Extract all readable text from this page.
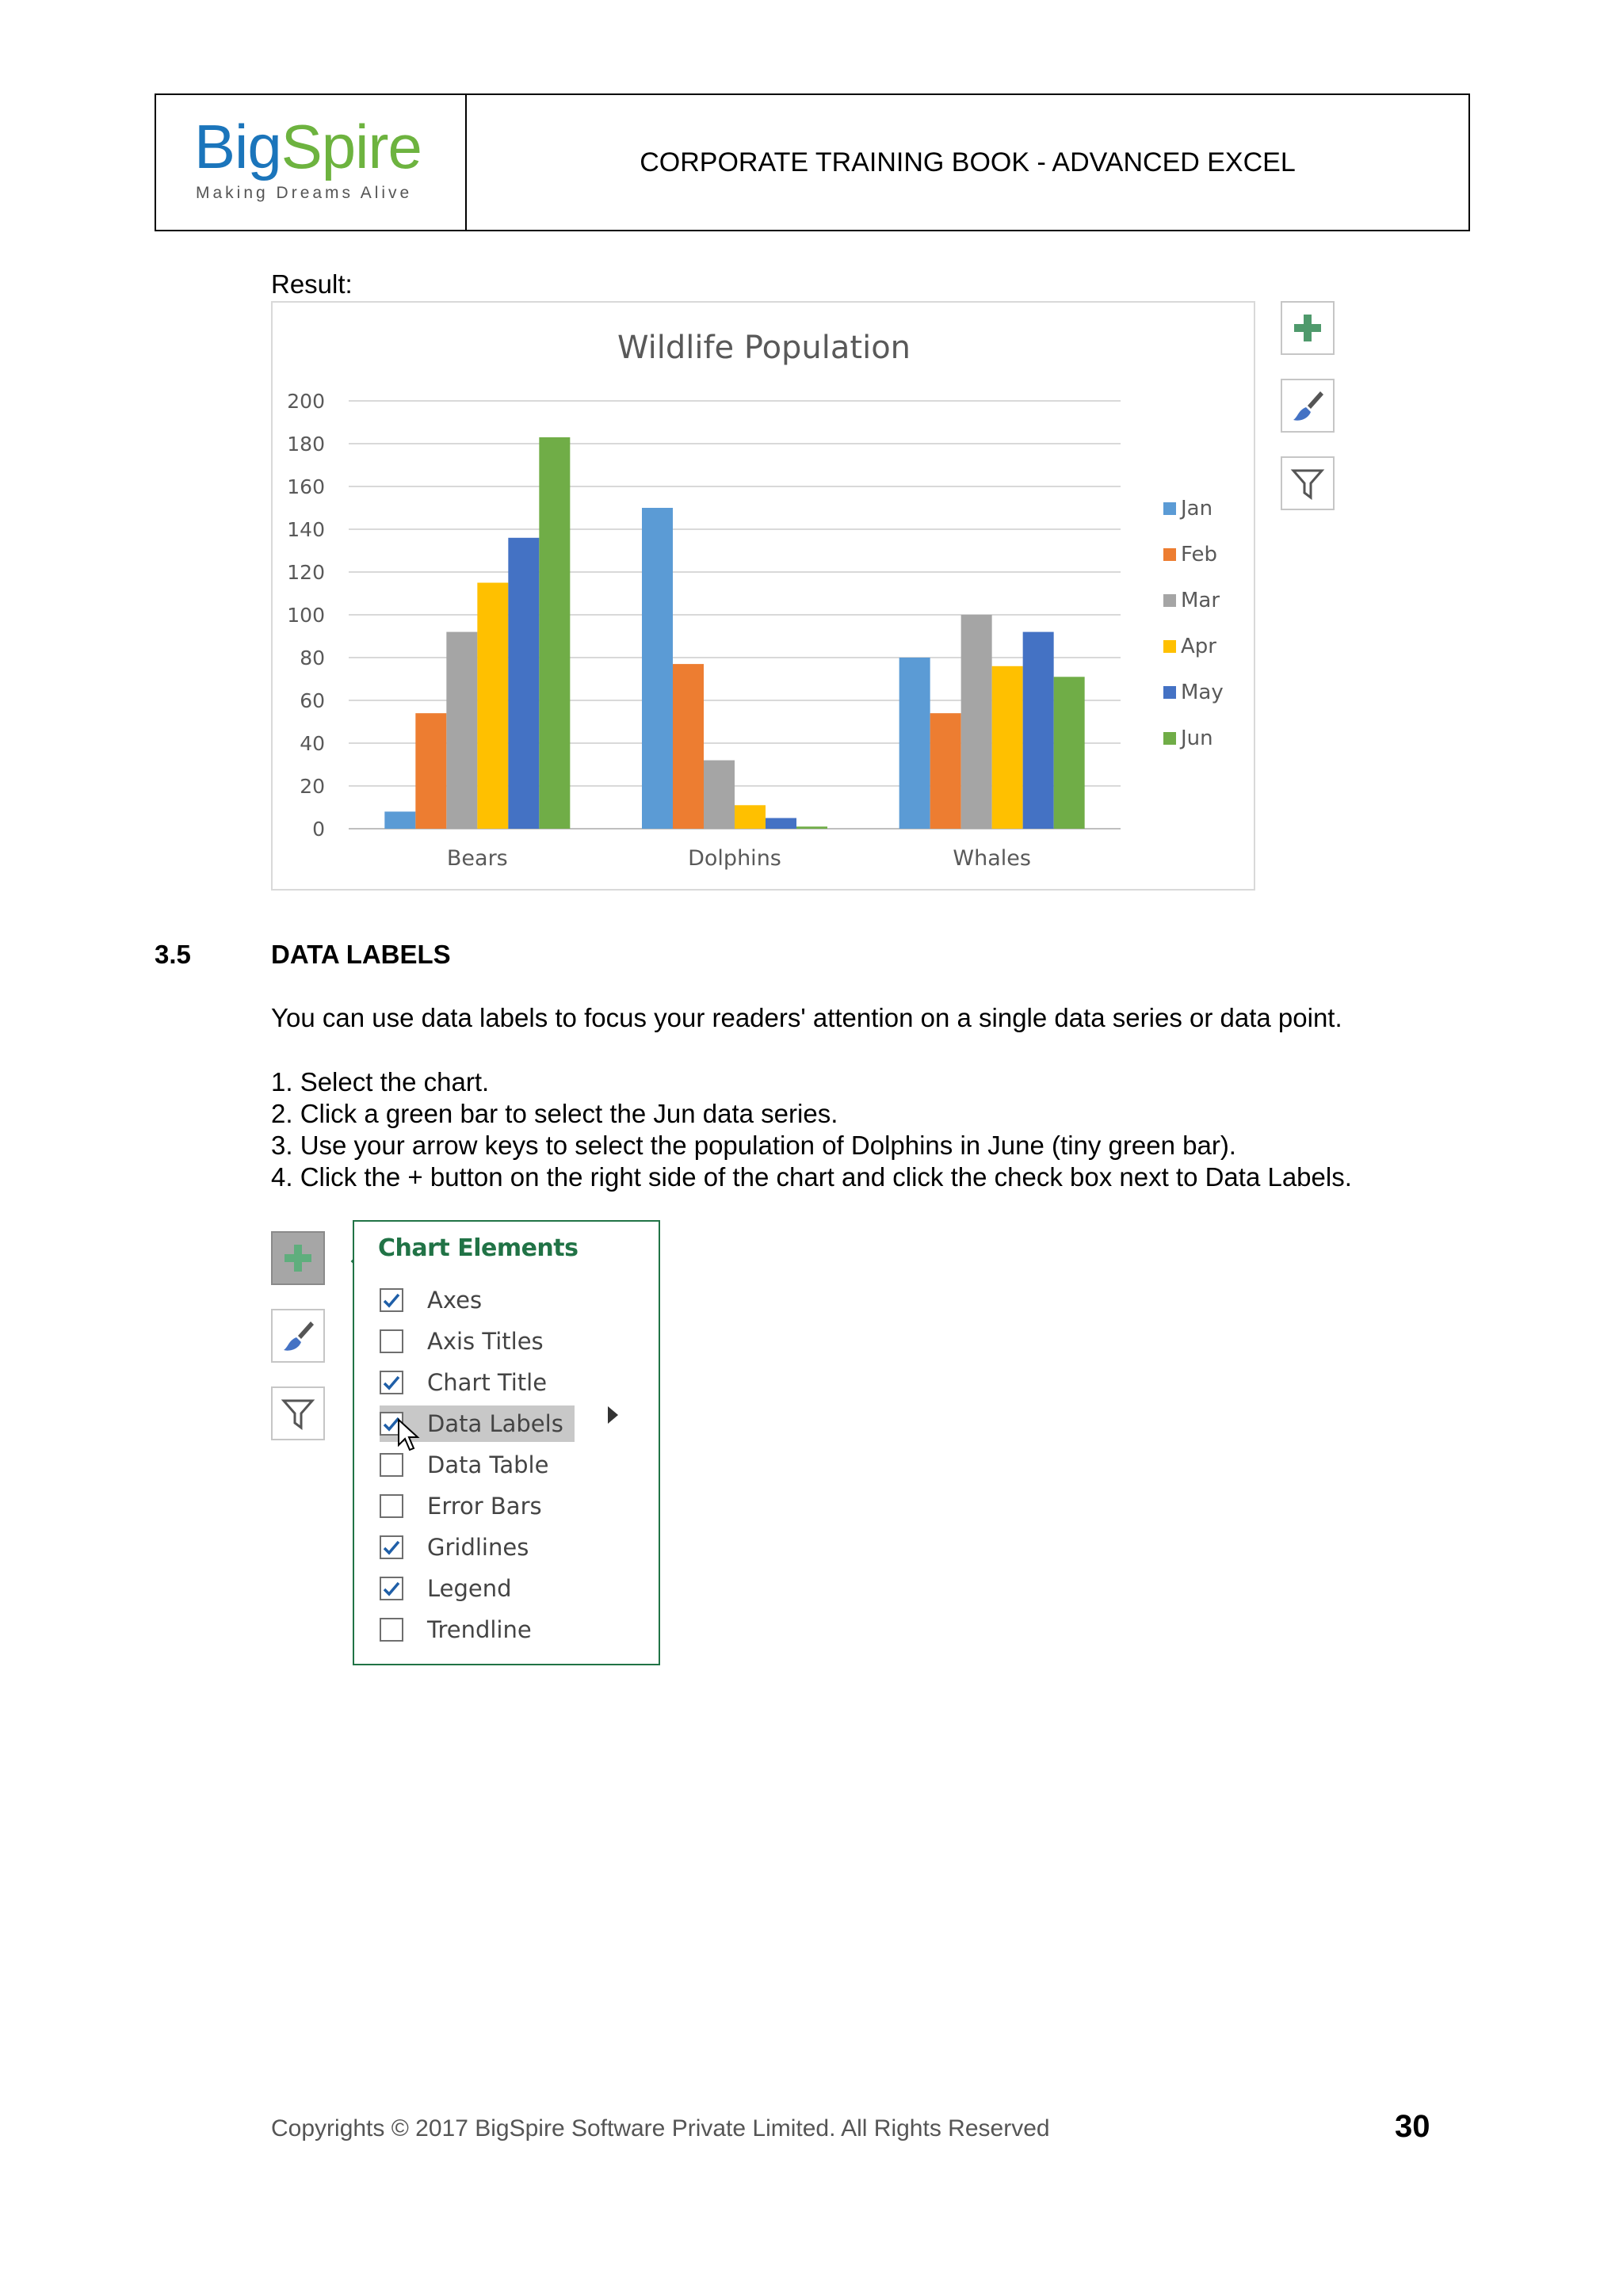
BigSpire
Making Dreams Alive
CORPORATE TRAINING BOOK - ADVANCED EXCEL
Result:
Wildlife Population
0
20
40
60
80
100
120
140
160
180
200
Bears	Dolphins	Whales
Jan
Feb
Mar
Apr
May
Jun
3.5	DATA LABELS
You can use data labels to focus your readers' attention on a single data series or data point.
1. Select the chart.
2. Click a green bar to select the Jun data series.
3. Use your arrow keys to select the population of Dolphins in June (tiny green bar).
4. Click the + button on the right side of the chart and click the check box next to Data Labels.
Chart Elements
Axes
Axis Titles
Chart Title
Data Labels
Data Table
Error Bars
Gridlines
Legend
Trendline
Copyrights © 2017 BigSpire Software Private Limited. All Rights Reserved	30
